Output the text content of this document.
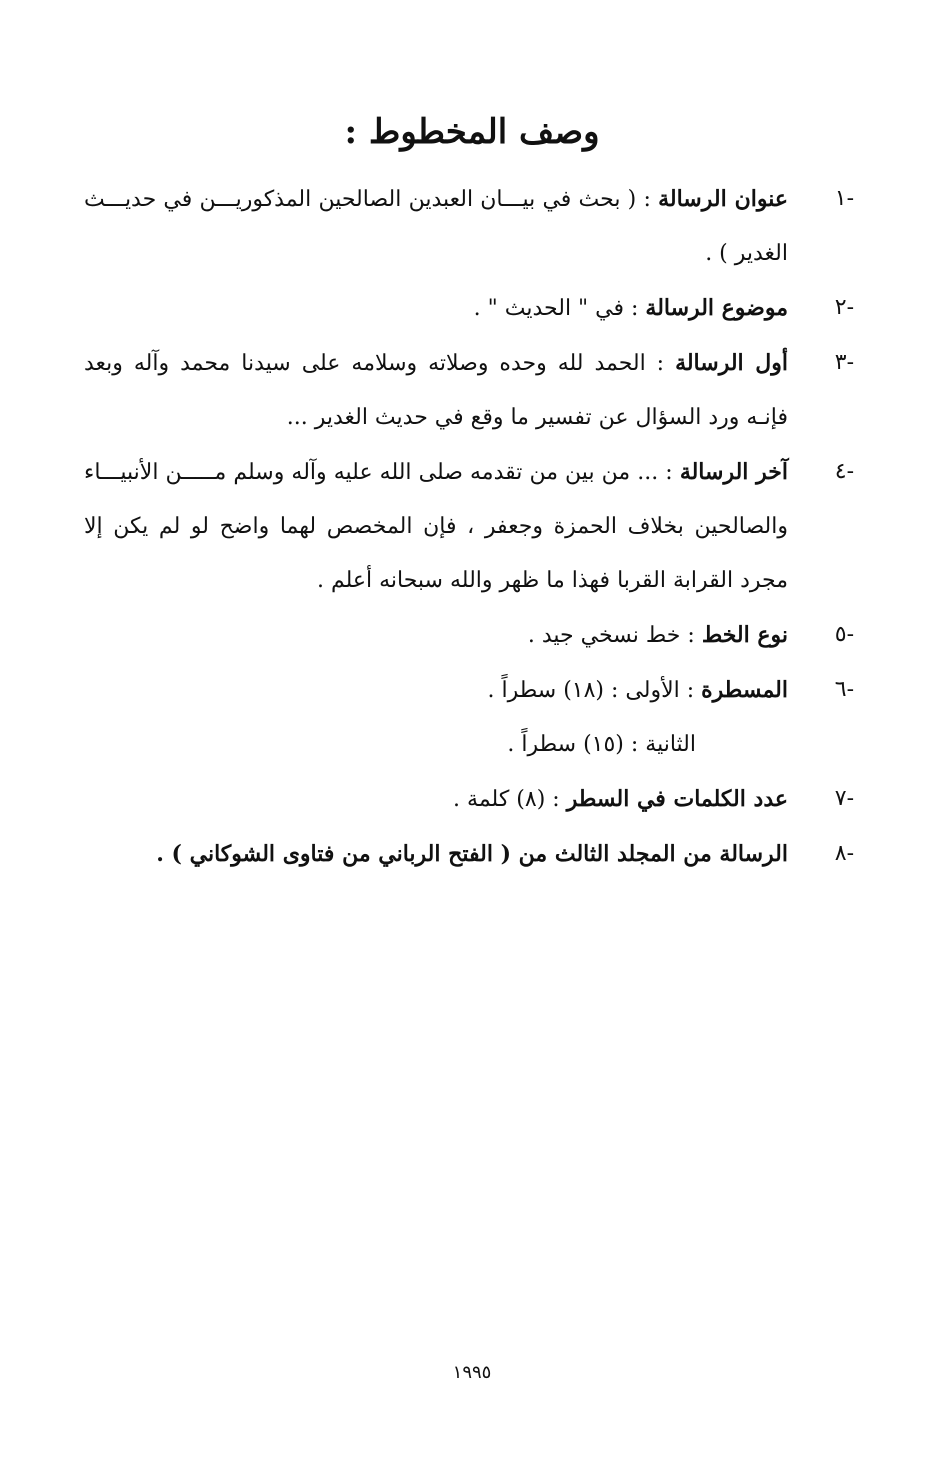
وصف المخطوط :
-١
عنوان الرسالة : ( بحث في بيـــان العبدين الصالحين المذكوريـــن في حديـــث الغدير ) .
-٢
موضوع الرسالة : في " الحديث " .
-٣
أول الرسالة : الحمد لله وحده وصلاته وسلامه على سيدنا محمد وآله وبعد فإنـه ورد السؤال عن تفسير ما وقع في حديث الغدير ...
-٤
آخر الرسالة : ... من بين من تقدمه صلى الله عليه وآله وسلم مـــــن الأنبيـــاء والصالحين بخلاف الحمزة وجعفر ، فإن المخصص لهما واضح لو لم يكن إلا مجرد القرابة القربا فهذا ما ظهر والله سبحانه أعلم .
-٥
نوع الخط : خط نسخي جيد .
-٦
المسطرة : الأولى : (١٨) سطراً .
الثانية : (١٥) سطراً .
-٧
عدد الكلمات في السطر : (٨) كلمة .
-٨
الرسالة من المجلد الثالث من ( الفتح الرباني من فتاوى الشوكاني ) .
١٩٩٥
